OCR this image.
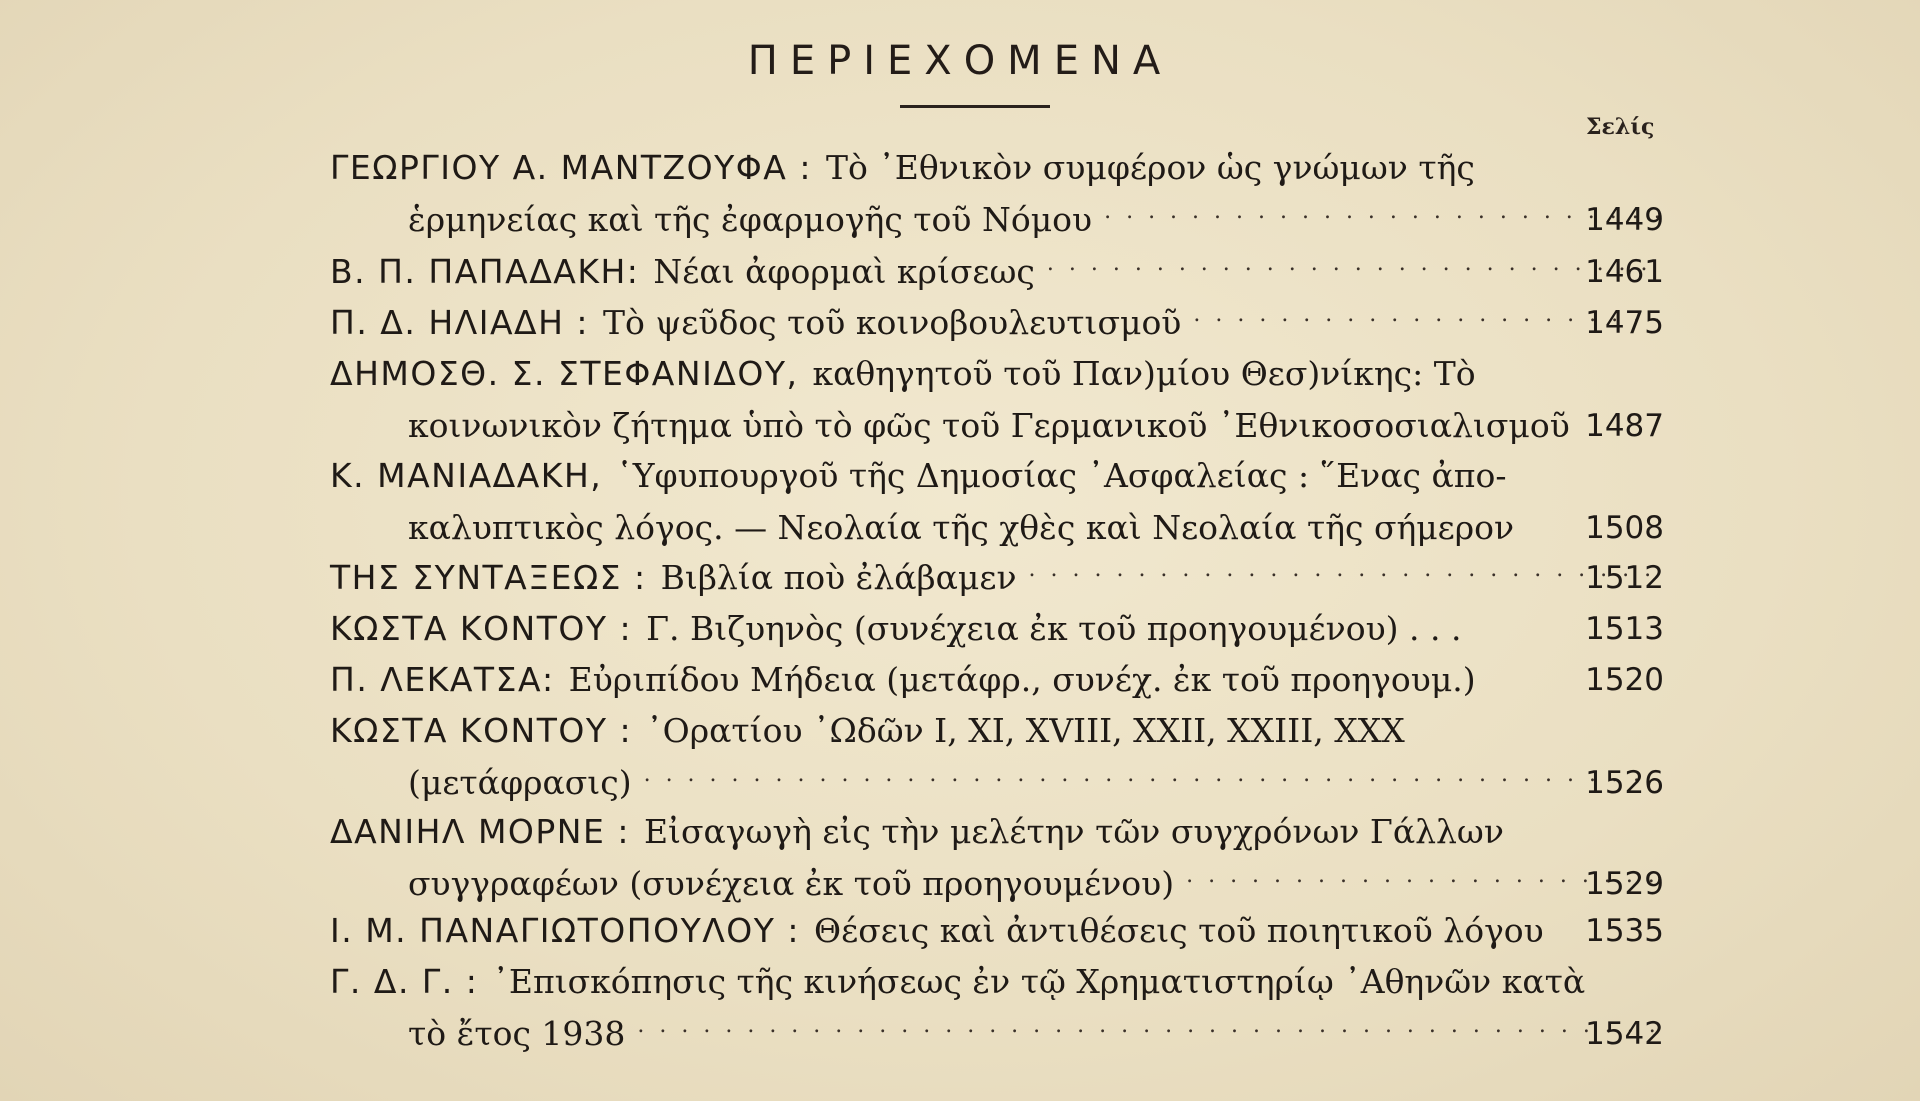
ΠΕΡΙΕΧΟΜΕΝΑ
Σελίς
ΓΕΩΡΓΙΟΥ Α. ΜΑΝΤΖΟΥΦΑ : Τὸ ᾿Εθνικὸν συμφέρον ὡς γνώμων τῆς
ἑρμηνείας καὶ τῆς ἐφαρμογῆς τοῦ Νόμου . . .	1449
Β. Π. ΠΑΠΑΔΑΚΗ: Νέαι ἀφορμαὶ κρίσεως . . .	1461
Π. Δ. ΗΛΙΑΔΗ : Τὸ ψεῦδος τοῦ κοινοβουλευτισμοῦ . . .	1475
ΔΗΜΟΣΘ. Σ. ΣΤΕΦΑΝΙΔΟΥ, καθηγητοῦ τοῦ Παν)μίου Θεσ)νίκης: Τὸ
κοινωνικὸν ζήτημα ὑπὸ τὸ φῶς τοῦ Γερμανικοῦ ᾿Εθνικοσοσιαλισμοῦ 1487
Κ. ΜΑΝΙΑΔΑΚΗ, ῾Υφυπουργοῦ τῆς Δημοσίας ᾿Ασφαλείας : ῞Ενας ἀπο-
καλυπτικὸς λόγος. — Νεολαία τῆς χθὲς καὶ Νεολαία τῆς σήμερον 1508
ΤΗΣ ΣΥΝΤΑΞΕΩΣ : Βιβλία ποὺ ἐλάβαμεν . . .	1512
ΚΩΣΤΑ ΚΟΝΤΟΥ : Γ. Βιζυηνὸς (συνέχεια ἐκ τοῦ προηγουμένου) . . .	1513
Π. ΛΕΚΑΤΣΑ: Εὐριπίδου Μήδεια (μετάφρ., συνέχ. ἐκ τοῦ προηγουμ.)	1520
ΚΩΣΤΑ ΚΟΝΤΟΥ : ᾿Ορατίου ᾿Ωδῶν I, XI, XVIII, XXII, XXIII, XXX
(μετάφρασις) . . .	1526
ΔΑΝΙΗΛ ΜΟΡΝΕ : Εἰσαγωγὴ εἰς τὴν μελέτην τῶν συγχρόνων Γάλλων
συγγραφέων (συνέχεια ἐκ τοῦ προηγουμένου) . . .	1529
Ι. Μ. ΠΑΝΑΓΙΩΤΟΠΟΥΛΟΥ : Θέσεις καὶ ἀντιθέσεις τοῦ ποιητικοῦ λόγου 1535
Γ. Δ. Γ. : ᾿Επισκόπησις τῆς κινήσεως ἐν τῷ Χρηματιστηρίῳ ᾿Αθηνῶν κατὰ
τὸ ἔτος 1938 . . .	1542
